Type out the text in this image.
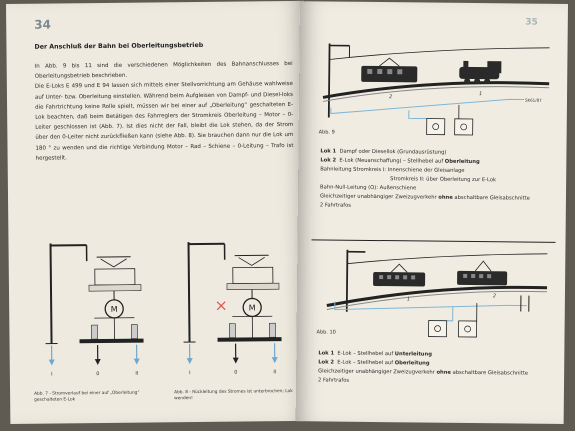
34
Der Anschluß der Bahn bei Oberleitungsbetrieb

In Abb. 9 bis 11 sind die verschiedenen Möglichkeiten des Bahnanschlusses bei Oberleitungsbetrieb beschrieben.

Die E-Loks E 499 und E 94 lassen sich mittels einer Stellvorrichtung am Gehäuse wahlweise auf Unter- bzw. Oberleitung einstellen. Während beim Aufgleisen von Dampf- und Diesel-loks die Fahrtrichtung keine Rolle spielt, müssen wir bei einer auf „Oberleitung“ geschalteten E-Lok beachten, daß beim Betätigen des Fahrreglers der Stromkreis Oberleitung – Motor – 0-Leiter geschlossen ist (Abb. 7). Ist dies nicht der Fall, bleibt die Lok stehen, da der Strom über den 0-Leiter nicht zurückfließen kann (siehe Abb. 8). Sie brauchen dann nur die Lok um 180 ° zu wenden und die richtige Verbindung Motor – Rad – Schiene – 0-Leitung – Trafo ist hergestellt.

M
I	0	II
Abb. 7 - Stromverlauf bei einer auf „Oberleitung“ geschalteten E-Lok
M
I	0	II
Abb. 8 - Rückleitung des Stromes ist unterbrochen; Lok wenden!
35
2
1
SK61/87
Abb. 9
Lok 1 Dampf oder Diesellok (Grundausrüstung)
Lok 2 E-Lok (Neuanschaffung) – Stellhebel auf Oberleitung
Bahnleitung Stromkreis I: Innenschiene der Gleisanlage
Stromkreis II: über Oberleitung zur E-Lok
Bahn-Null-Leitung (O): Außenschiene
Gleichzeitiger unabhängiger Zweizugverkehr ohne abschaltbare Gleisabschnitte
2 Fahrtrafos
1
2
Abb. 10
Lok 1 E-Lok – Stellhebel auf Unterleitung
Lok 2 E-Lok – Stellhebel auf Oberleitung
Gleichzeitiger unabhängiger Zweizugverkehr ohne abschaltbare Gleisabschnitte
2 Fahrtrafos
